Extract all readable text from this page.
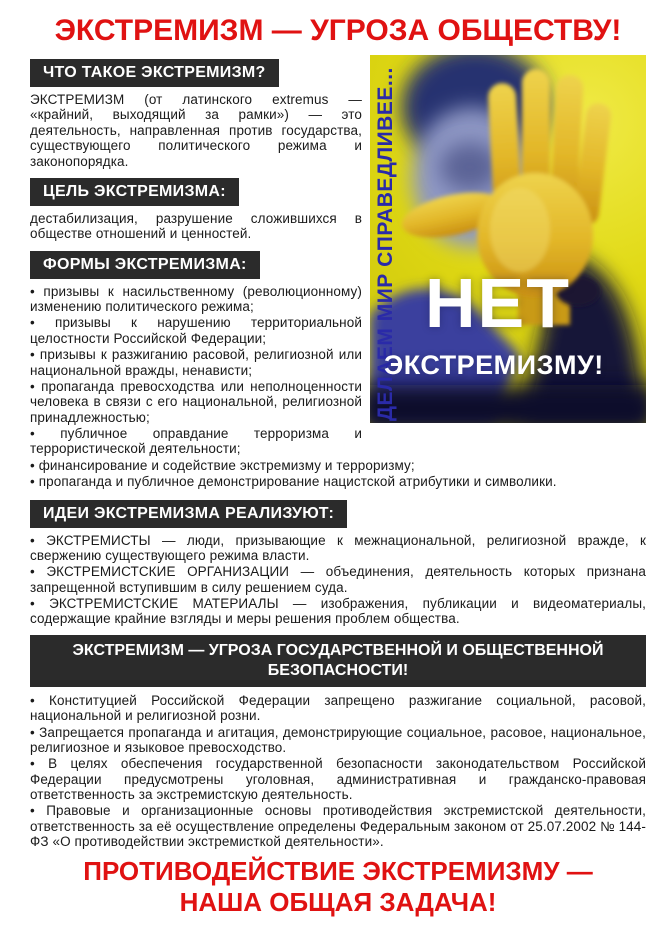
ЭКСТРЕМИЗМ — УГРОЗА ОБЩЕСТВУ!
ДЕЛАЕМ МИР СПРАВЕДЛИВЕЕ... НЕТ
ЭКСТРЕМИЗМУ!
ЧТО ТАКОЕ ЭКСТРЕМИЗМ?

ЭКСТРЕМИЗМ (от латинского extremus — «крайний, выходящий за рамки») — это деятельность, направленная против государства, существующего политического режима и законопорядка.

ЦЕЛЬ ЭКСТРЕМИЗМА:

дестабилизация, разрушение сложившихся в обществе отношений и ценностей.

ФОРМЫ ЭКСТРЕМИЗМА:
• призывы к насильственному (революционному) изменению политического режима;
• призывы к нарушению территориальной целостности Российской Федерации;
• призывы к разжиганию расовой, религиозной или национальной вражды, ненависти;
• пропаганда превосходства или неполноценности человека в связи с его национальной, религиозной принадлежностью;
• публичное оправдание терроризма и террористической деятельности;
• финансирование и содействие экстремизму и терроризму;
• пропаганда и публичное демонстрирование нацистской атрибутики и символики.
ИДЕИ ЭКСТРЕМИЗМА РЕАЛИЗУЮТ:
• ЭКСТРЕМИСТЫ — люди, призывающие к межнациональной, религиозной вражде, к свержению существующего режима власти.
• ЭКСТРЕМИСТСКИЕ ОРГАНИЗАЦИИ — объединения, деятельность которых признана запрещенной вступившим в силу решением суда.
• ЭКСТРЕМИСТСКИЕ МАТЕРИАЛЫ — изображения, публикации и видеоматериалы, содержащие крайние взгляды и меры решения проблем общества.
ЭКСТРЕМИЗМ — УГРОЗА ГОСУДАРСТВЕННОЙ И ОБЩЕСТВЕННОЙ БЕЗОПАСНОСТИ!
• Конституцией Российской Федерации запрещено разжигание социальной, расовой, национальной и религиозной розни.
• Запрещается пропаганда и агитация, демонстрирующие социальное, расовое, национальное, религиозное и языковое превосходство.
• В целях обеспечения государственной безопасности законодательством Российской Федерации предусмотрены уголовная, административная и гражданско-правовая ответственность за экстремистскую деятельность.
• Правовые и организационные основы противодействия экстремистской деятельности, ответственность за её осуществление определены Федеральным законом от 25.07.2002 № 144-ФЗ «О противодействии экстремисткой деятельности».
ПРОТИВОДЕЙСТВИЕ ЭКСТРЕМИЗМУ —
НАША ОБЩАЯ ЗАДАЧА!
